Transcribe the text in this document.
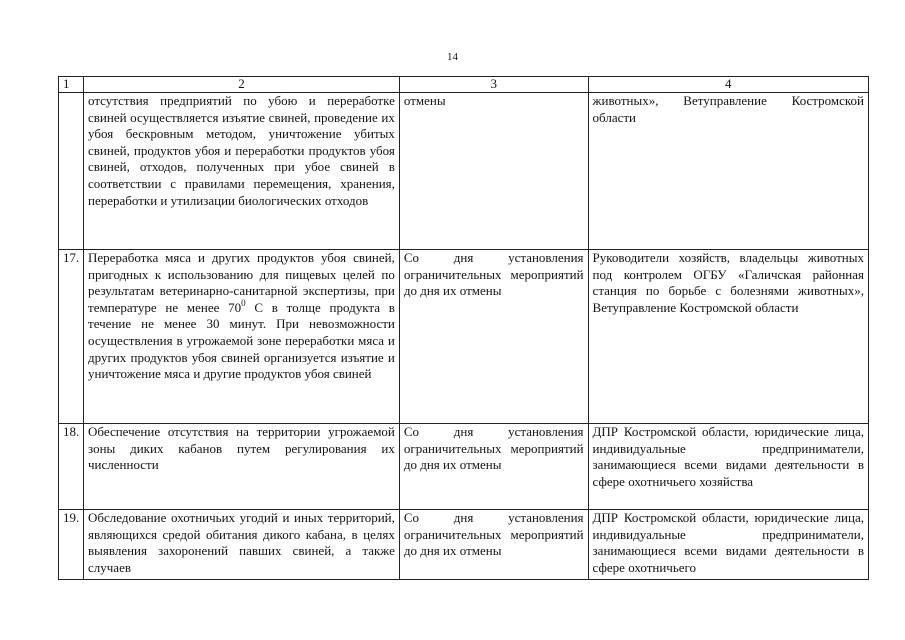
14
1	2	3	4
	отсутствия предприятий по убою и переработке свиней осуществляется изъятие свиней, проведение их убоя бескровным методом, уничтожение убитых свиней, продуктов убоя и переработки продуктов убоя свиней, отходов, полученных при убое свиней в соответствии с правилами перемещения, хранения, переработки и утилизации биологических отходов	отмены	животных», Ветуправление Костромской области
17.	Переработка мяса и других продуктов убоя свиней, пригодных к использованию для пищевых целей по результатам ветеринарно-санитарной экспертизы, при температуре не менее $70^0$ С в толще продукта в течение не менее 30 минут. При невозможности осуществления в угрожаемой зоне переработки мяса и других продуктов убоя свиней организуется изъятие и уничтожение мяса и другие продуктов убоя свиней	Со дня установления ограничительных мероприятий до дня их отмены	Руководители хозяйств, владельцы животных под контролем ОГБУ «Галичская районная станция по борьбе с болезнями животных», Ветуправление Костромской области
18.	Обеспечение отсутствия на территории угрожаемой зоны диких кабанов путем регулирования их численности	Со дня установления ограничительных мероприятий до дня их отмены	ДПР Костромской области, юридические лица, индивидуальные предприниматели, занимающиеся всеми видами деятельности в сфере охотничьего хозяйства
19.	Обследование охотничьих угодий и иных территорий, являющихся средой обитания дикого кабана, в целях выявления захоронений павших свиней, а также случаев	Со дня установления ограничительных мероприятий до дня их отмены	ДПР Костромской области, юридические лица, индивидуальные предприниматели, занимающиеся всеми видами деятельности в сфере охотничьего
